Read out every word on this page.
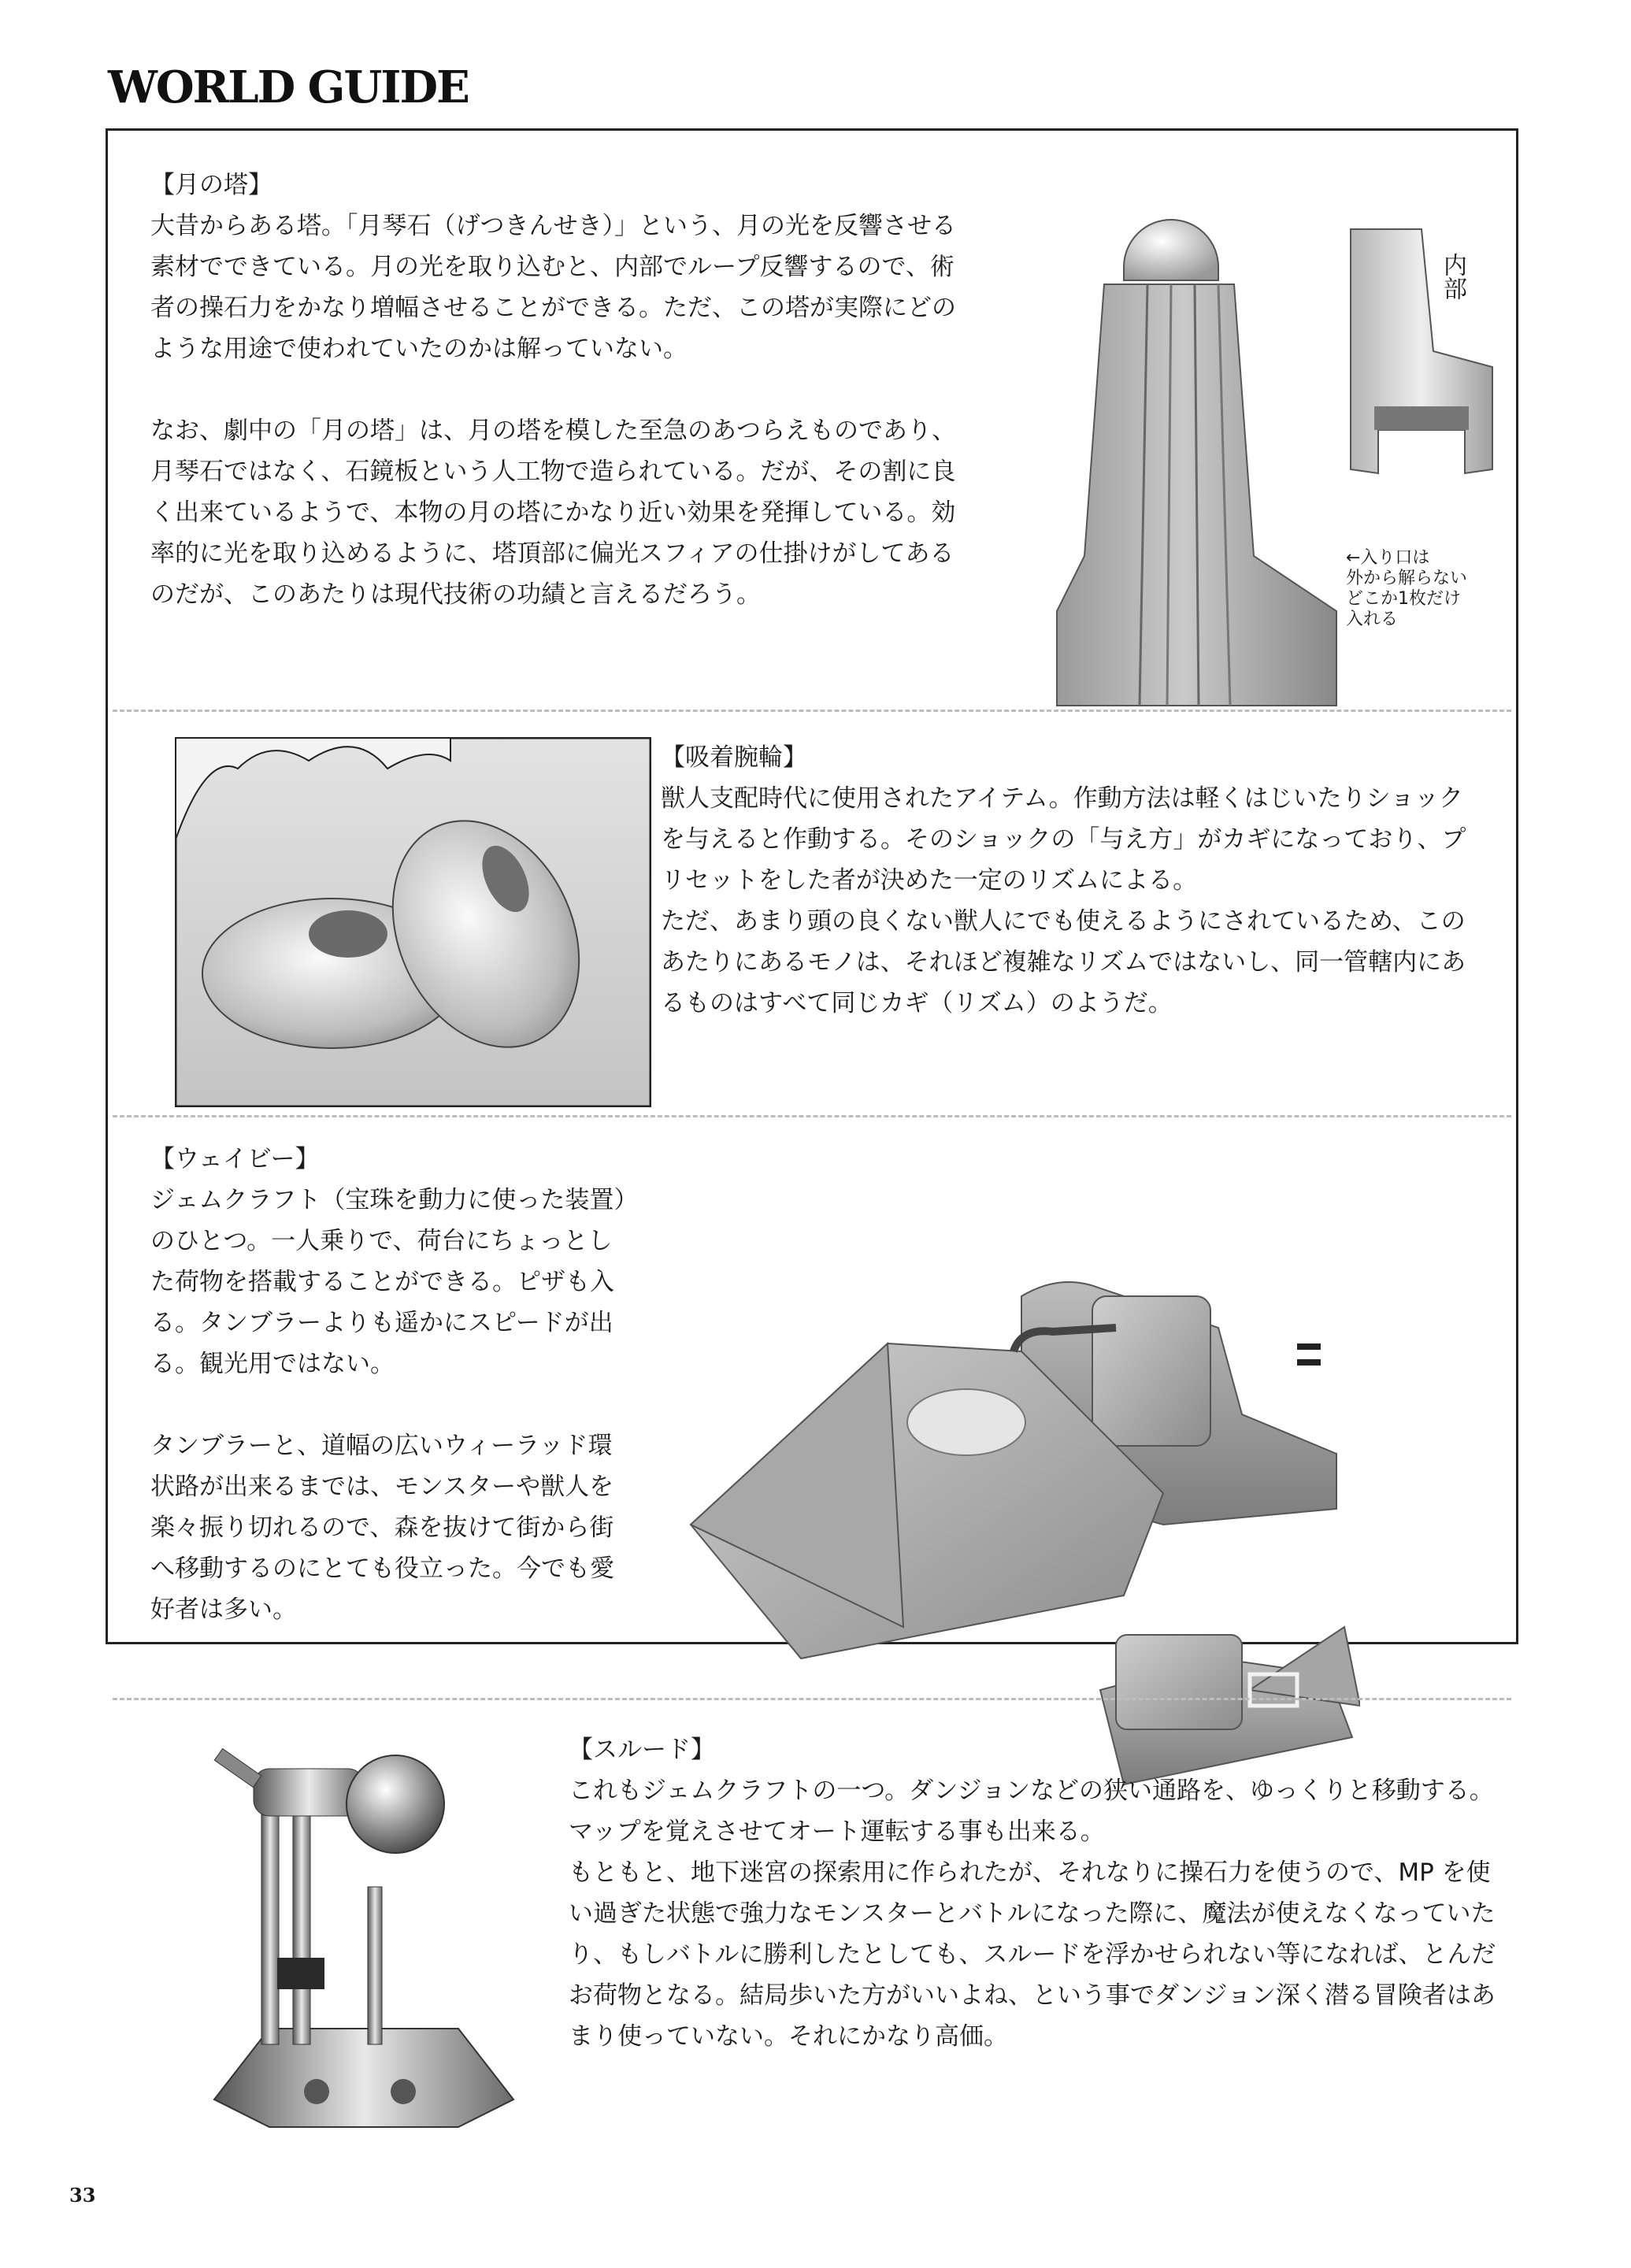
WORLD GUIDE

【月の塔】

大昔からある塔。「月琴石（げつきんせき）」という、月の光を反響させる

素材でできている。月の光を取り込むと、内部でループ反響するので、術

者の操石力をかなり増幅させることができる。ただ、この塔が実際にどの

ような用途で使われていたのかは解っていない。

なお、劇中の「月の塔」は、月の塔を模した至急のあつらえものであり、

月琴石ではなく、石鏡板という人工物で造られている。だが、その割に良

く出来ているようで、本物の月の塔にかなり近い効果を発揮している。効

率的に光を取り込めるように、塔頂部に偏光スフィアの仕掛けがしてある

のだが、このあたりは現代技術の功績と言えるだろう。

内部
←入り口は
外から解らない
どこか1枚だけ
入れる

【吸着腕輪】

獣人支配時代に使用されたアイテム。作動方法は軽くはじいたりショック

を与えると作動する。そのショックの「与え方」がカギになっており、プ

リセットをした者が決めた一定のリズムによる。

ただ、あまり頭の良くない獣人にでも使えるようにされているため、この

あたりにあるモノは、それほど複雑なリズムではないし、同一管轄内にあ

るものはすべて同じカギ（リズム）のようだ。

【ウェイビー】

ジェムクラフト（宝珠を動力に使った装置）

のひとつ。一人乗りで、荷台にちょっとし

た荷物を搭載することができる。ピザも入

る。タンブラーよりも遥かにスピードが出

る。観光用ではない。

タンブラーと、道幅の広いウィーラッド環

状路が出来るまでは、モンスターや獣人を

楽々振り切れるので、森を抜けて街から街

へ移動するのにとても役立った。今でも愛

好者は多い。

【スルード】

これもジェムクラフトの一つ。ダンジョンなどの狭い通路を、ゆっくりと移動する。

マップを覚えさせてオート運転する事も出来る。

もともと、地下迷宮の探索用に作られたが、それなりに操石力を使うので、MP を使

い過ぎた状態で強力なモンスターとバトルになった際に、魔法が使えなくなっていた

り、もしバトルに勝利したとしても、スルードを浮かせられない等になれば、とんだ

お荷物となる。結局歩いた方がいいよね、という事でダンジョン深く潜る冒険者はあ

まり使っていない。それにかなり高価。

33
